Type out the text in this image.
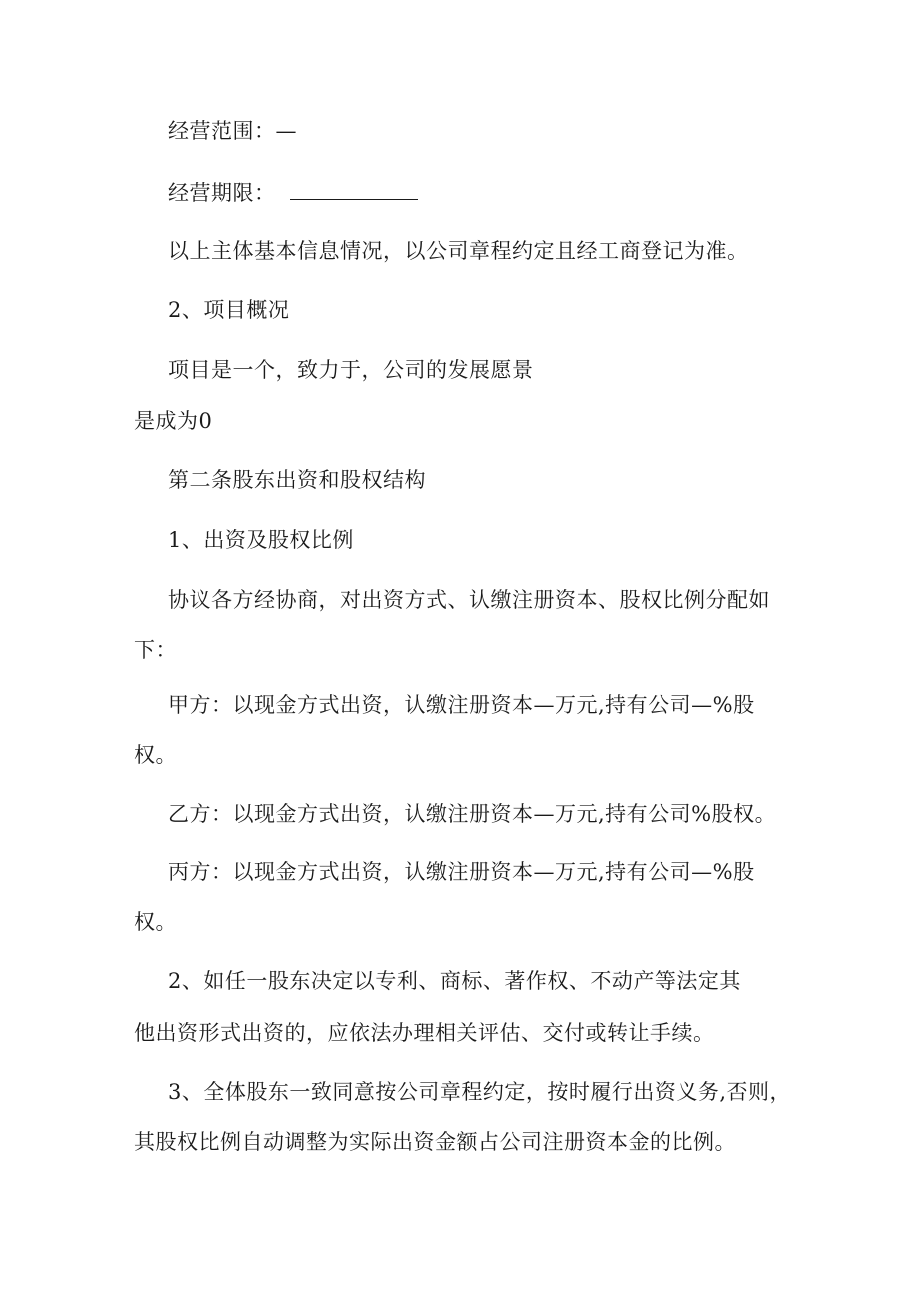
经营范围：—
经营期限：
以上主体基本信息情况，以公司章程约定且经工商登记为准。
2、项目概况
项目是一个，致力于，公司的发展愿景
是成为0
第二条股东出资和股权结构
1、出资及股权比例
协议各方经协商，对出资方式、认缴注册资本、股权比例分配如
下：
甲方：以现金方式出资，认缴注册资本—万元,持有公司—%股
权。
乙方：以现金方式出资，认缴注册资本—万元,持有公司%股权。
丙方：以现金方式出资，认缴注册资本—万元,持有公司—%股
权。
2、如任一股东决定以专利、商标、著作权、不动产等法定其
他出资形式出资的，应依法办理相关评估、交付或转让手续。
3、全体股东一致同意按公司章程约定，按时履行出资义务,否则，
其股权比例自动调整为实际出资金额占公司注册资本金的比例。
